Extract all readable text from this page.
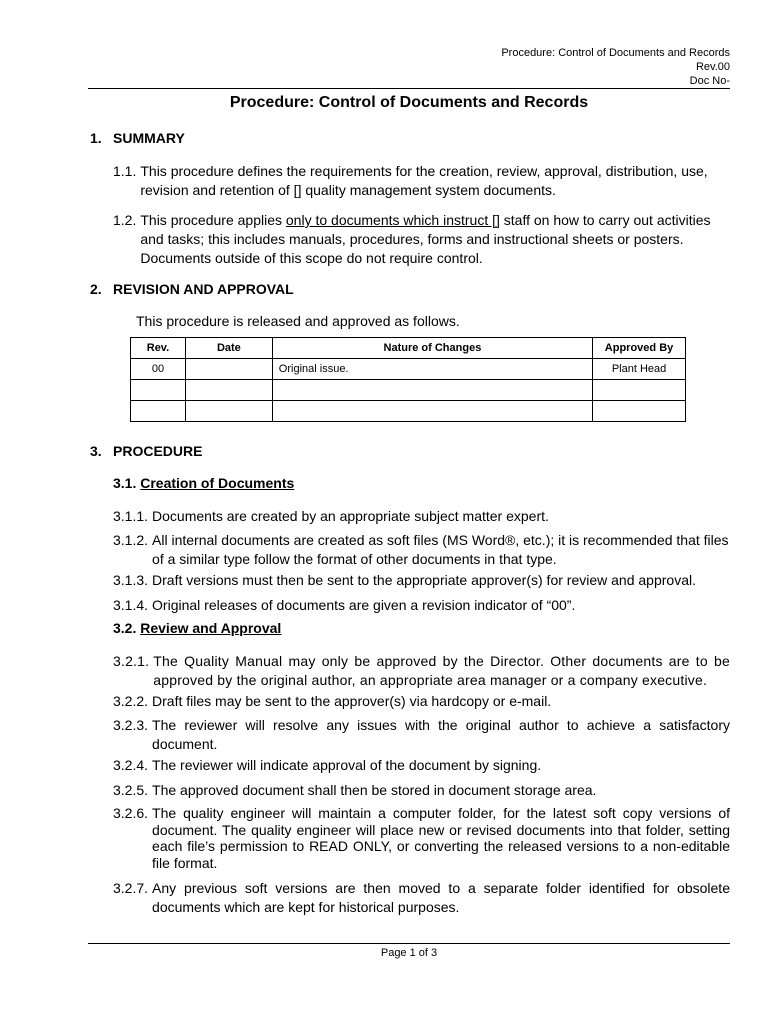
Procedure: Control of Documents and Records
Rev.00
Doc No-
Procedure: Control of Documents and Records
1. SUMMARY
1.1. This procedure defines the requirements for the creation, review, approval, distribution, use, revision and retention of [] quality management system documents.
1.2. This procedure applies only to documents which instruct [] staff on how to carry out activities and tasks; this includes manuals, procedures, forms and instructional sheets or posters. Documents outside of this scope do not require control.
2. REVISION AND APPROVAL
This procedure is released and approved as follows.
Rev.	Date	Nature of Changes	Approved By
00		Original issue.	Plant Head

3. PROCEDURE
3.1. Creation of Documents
3.1.1. Documents are created by an appropriate subject matter expert.
3.1.2. All internal documents are created as soft files (MS Word®, etc.); it is recommended that files of a similar type follow the format of other documents in that type.
3.1.3. Draft versions must then be sent to the appropriate approver(s) for review and approval.
3.1.4. Original releases of documents are given a revision indicator of “00”.
3.2. Review and Approval
3.2.1. The Quality Manual may only be approved by the Director. Other documents are to be approved by the original author, an appropriate area manager or a company executive.
3.2.2. Draft files may be sent to the approver(s) via hardcopy or e-mail.
3.2.3. The reviewer will resolve any issues with the original author to achieve a satisfactory document.
3.2.4. The reviewer will indicate approval of the document by signing.
3.2.5. The approved document shall then be stored in document storage area.
3.2.6. The quality engineer will maintain a computer folder, for the latest soft copy versions of document. The quality engineer will place new or revised documents into that folder, setting each file’s permission to READ ONLY, or converting the released versions to a non-editable file format.
3.2.7. Any previous soft versions are then moved to a separate folder identified for obsolete documents which are kept for historical purposes.
Page 1 of 3
